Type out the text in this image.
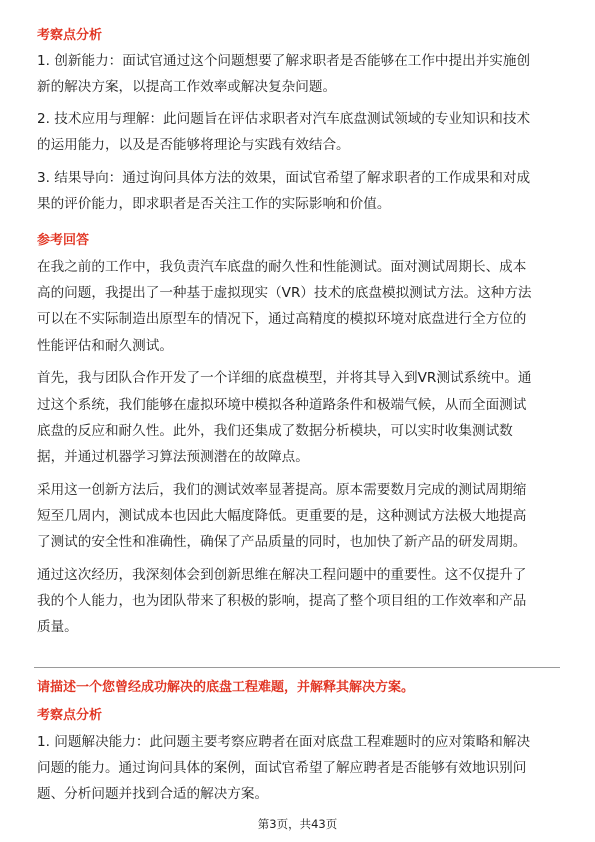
考察点分析
1. 创新能力：面试官通过这个问题想要了解求职者是否能够在工作中提出并实施创
新的解决方案，以提高工作效率或解决复杂问题。
2. 技术应用与理解：此问题旨在评估求职者对汽车底盘测试领域的专业知识和技术
的运用能力，以及是否能够将理论与实践有效结合。
3. 结果导向：通过询问具体方法的效果，面试官希望了解求职者的工作成果和对成
果的评价能力，即求职者是否关注工作的实际影响和价值。
参考回答
在我之前的工作中，我负责汽车底盘的耐久性和性能测试。面对测试周期长、成本
高的问题，我提出了一种基于虚拟现实（VR）技术的底盘模拟测试方法。这种方法
可以在不实际制造出原型车的情况下，通过高精度的模拟环境对底盘进行全方位的
性能评估和耐久测试。
首先，我与团队合作开发了一个详细的底盘模型，并将其导入到VR测试系统中。通
过这个系统，我们能够在虚拟环境中模拟各种道路条件和极端气候，从而全面测试
底盘的反应和耐久性。此外，我们还集成了数据分析模块，可以实时收集测试数
据，并通过机器学习算法预测潜在的故障点。
采用这一创新方法后，我们的测试效率显著提高。原本需要数月完成的测试周期缩
短至几周内，测试成本也因此大幅度降低。更重要的是，这种测试方法极大地提高
了测试的安全性和准确性，确保了产品质量的同时，也加快了新产品的研发周期。
通过这次经历，我深刻体会到创新思维在解决工程问题中的重要性。这不仅提升了
我的个人能力，也为团队带来了积极的影响，提高了整个项目组的工作效率和产品
质量。
请描述一个您曾经成功解决的底盘工程难题，并解释其解决方案。
考察点分析
1. 问题解决能力：此问题主要考察应聘者在面对底盘工程难题时的应对策略和解决
问题的能力。通过询问具体的案例，面试官希望了解应聘者是否能够有效地识别问
题、分析问题并找到合适的解决方案。
第3页，共43页
